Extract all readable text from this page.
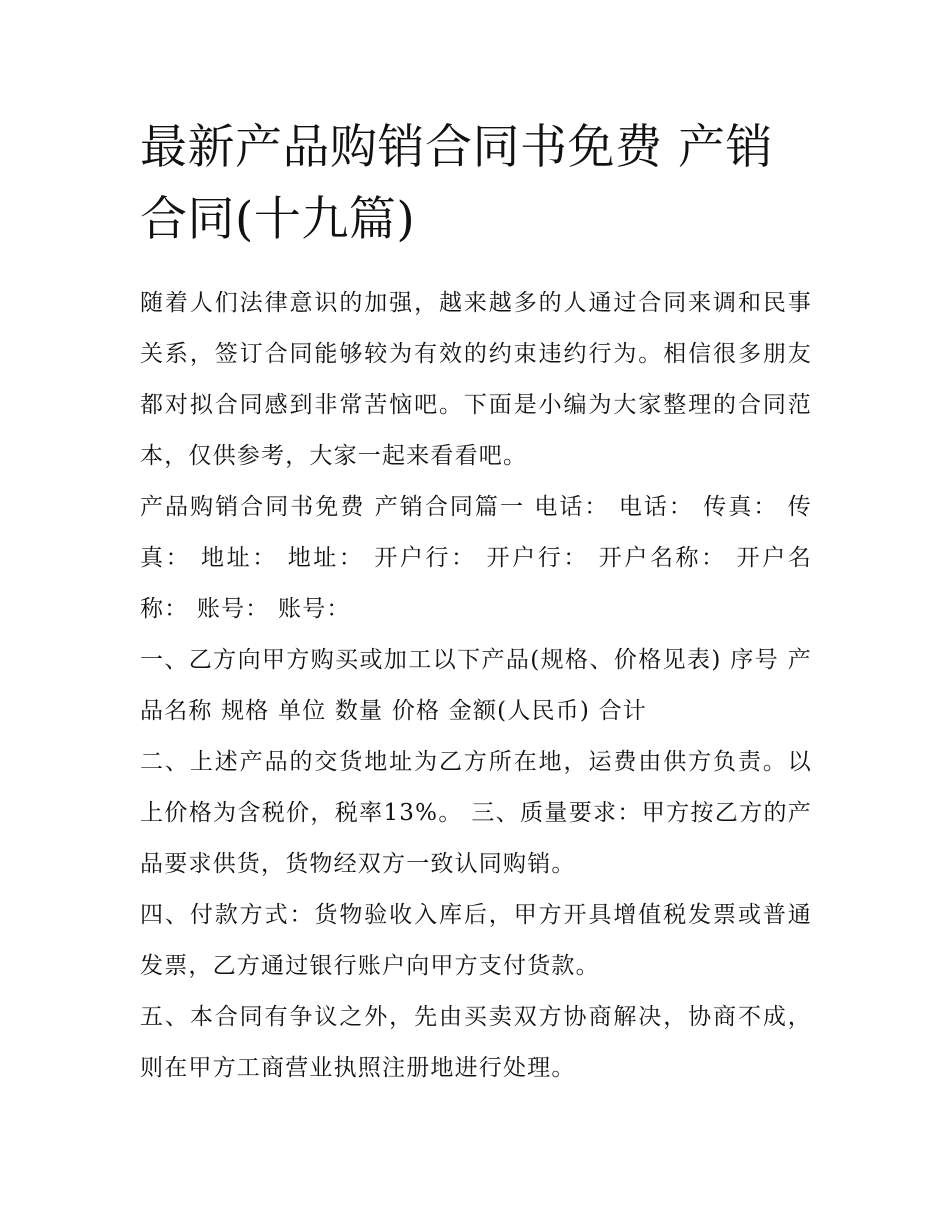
最新产品购销合同书免费 产销合同(十九篇)

随着人们法律意识的加强，越来越多的人通过合同来调和民事关系，签订合同能够较为有效的约束违约行为。相信很多朋友都对拟合同感到非常苦恼吧。下面是小编为大家整理的合同范本，仅供参考，大家一起来看看吧。

产品购销合同书免费 产销合同篇一 电话： 电话： 传真： 传真： 地址： 地址： 开户行： 开户行： 开户名称： 开户名称： 账号： 账号：

一、乙方向甲方购买或加工以下产品(规格、价格见表) 序号 产品名称 规格 单位 数量 价格 金额(人民币) 合计

二、上述产品的交货地址为乙方所在地，运费由供方负责。以上价格为含税价，税率13%。 三、质量要求：甲方按乙方的产品要求供货，货物经双方一致认同购销。

四、付款方式：货物验收入库后，甲方开具增值税发票或普通发票，乙方通过银行账户向甲方支付货款。

五、本合同有争议之外，先由买卖双方协商解决，协商不成，则在甲方工商营业执照注册地进行处理。
